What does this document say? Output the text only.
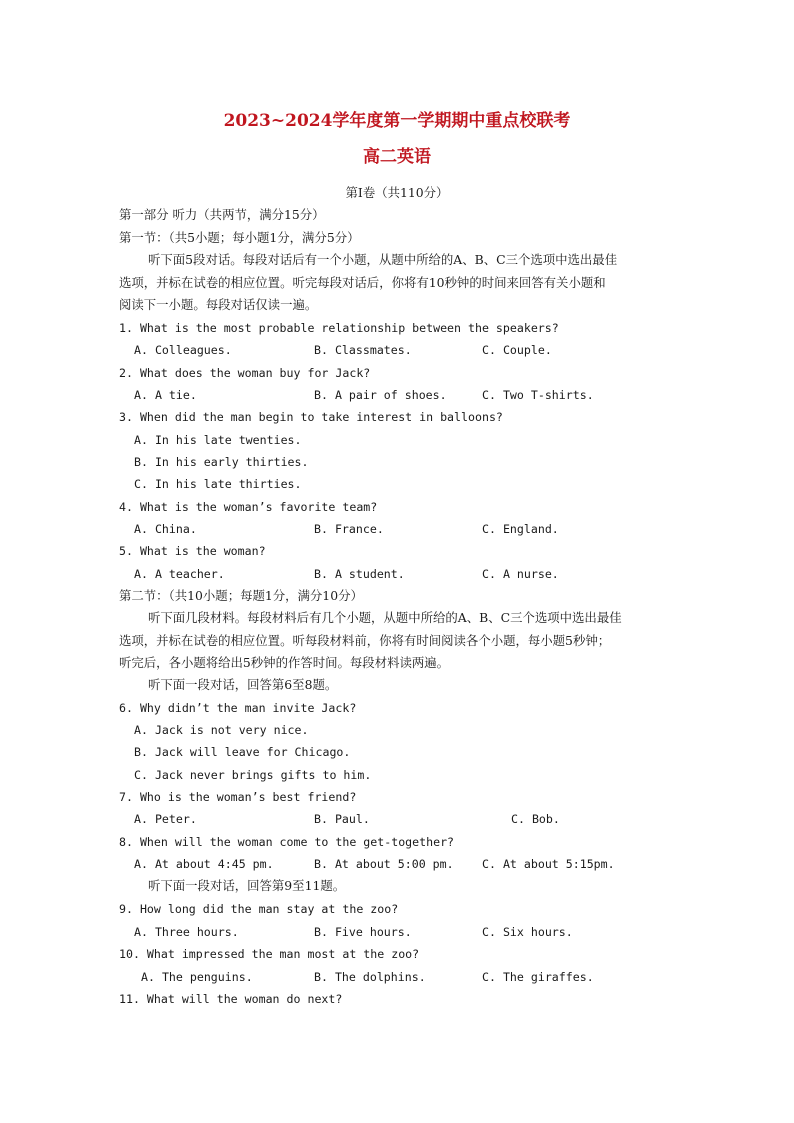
2023~2024学年度第一学期期中重点校联考
高二英语
第Ⅰ卷（共110分）
第一部分 听力（共两节，满分15分）
第一节：（共5小题；每小题1分，满分5分）
听下面5段对话。每段对话后有一个小题，从题中所给的A、B、C三个选项中选出最佳
选项，并标在试卷的相应位置。听完每段对话后，你将有10秒钟的时间来回答有关小题和
阅读下一小题。每段对话仅读一遍。
1. What is the most probable relationship between the speakers?
A. Colleagues.	B. Classmates.	C. Couple.
2. What does the woman buy for Jack?
A. A tie.	B. A pair of shoes.	C. Two T-shirts.
3. When did the man begin to take interest in balloons?
A. In his late twenties.
B. In his early thirties.
C. In his late thirties.
4. What is the woman’s favorite team?
A. China.	B. France.	C. England.
5. What is the woman?
A. A teacher.	B. A student.	C. A nurse.
第二节：（共10小题；每题1分，满分10分）
听下面几段材料。每段材料后有几个小题，从题中所给的A、B、C三个选项中选出最佳
选项，并标在试卷的相应位置。听每段材料前，你将有时间阅读各个小题，每小题5秒钟；
听完后，各小题将给出5秒钟的作答时间。每段材料读两遍。
听下面一段对话，回答第6至8题。
6. Why didn’t the man invite Jack?
A. Jack is not very nice.
B. Jack will leave for Chicago.
C. Jack never brings gifts to him.
7. Who is the woman’s best friend?
A. Peter.	B. Paul.	C. Bob.
8. When will the woman come to the get-together?
A. At about 4:45 pm.	B. At about 5:00 pm. C. At about 5:15pm.
听下面一段对话，回答第9至11题。
9. How long did the man stay at the zoo?
A. Three hours.	B. Five hours.	C. Six hours.
10. What impressed the man most at the zoo?
A. The penguins.	B. The dolphins.	C. The giraffes.
11. What will the woman do next?
